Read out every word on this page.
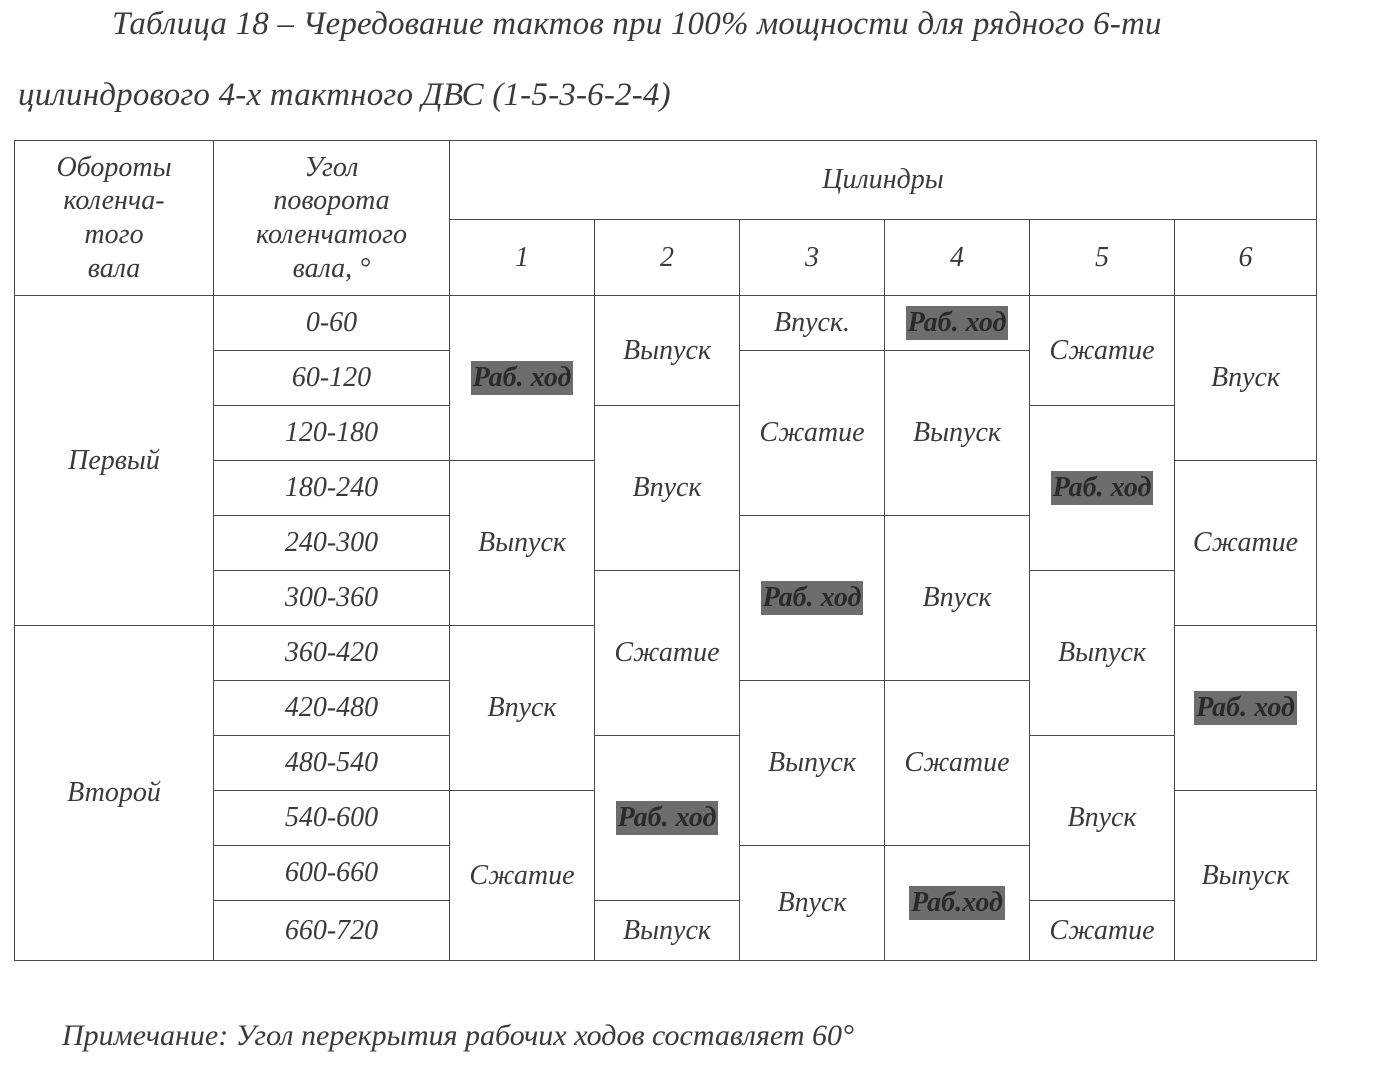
Таблица 18 – Чередование тактов при 100% мощности для рядного 6-ти
цилиндрового 4-х тактного ДВС (1-5-3-6-2-4)
Обороты
коленча-
того
вала	Угол
поворота
коленчатого
вала, °	Цилиндры
1	2	3	4	5	6
Первый	0-60	Раб. ход	Выпуск	Впуск.	Раб. ход	Сжатие	Впуск
60-120	Сжатие	Выпуск
120-180	Впуск	Раб. ход
180-240	Выпуск	Сжатие
240-300	Раб. ход	Впуск
300-360	Сжатие	Выпуск
Второй	360-420	Впуск	Раб. ход
420-480	Выпуск	Сжатие
480-540	Раб. ход	Впуск
540-600	Сжатие	Выпуск
600-660	Впуск	Раб.ход
660-720	Выпуск	Сжатие
Примечание: Угол перекрытия рабочих ходов составляет 60°
